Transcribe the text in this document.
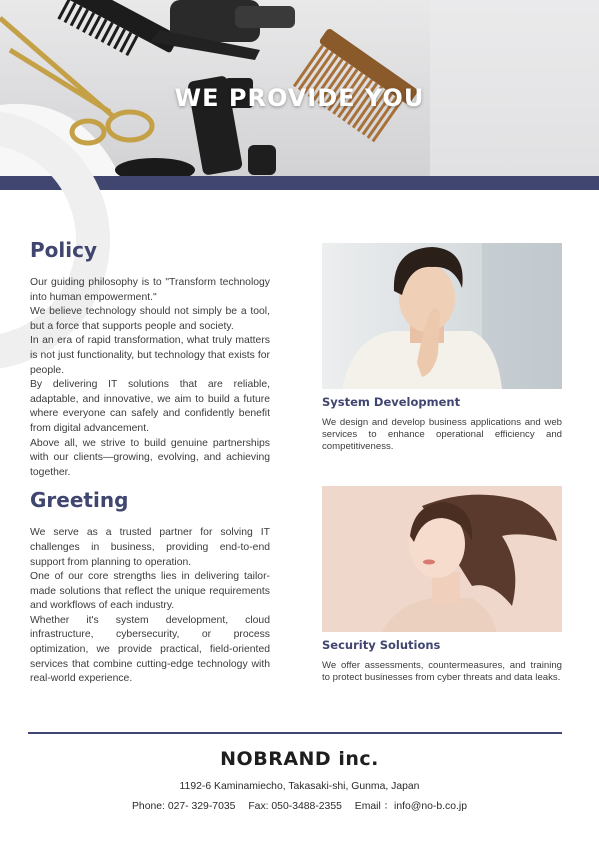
WE PROVIDE YOU
Policy

Our guiding philosophy is to "Transform technology into human empowerment."

We believe technology should not simply be a tool, but a force that supports people and society.

In an era of rapid transformation, what truly matters is not just functionality, but technology that exists for people.

By delivering IT solutions that are reliable, adaptable, and innovative, we aim to build a future where everyone can safely and confidently benefit from digital advancement.

Above all, we strive to build genuine partnerships with our clients—growing, evolving, and achieving together.

Greeting

We serve as a trusted partner for solving IT challenges in business, providing end-to-end support from planning to operation.

One of our core strengths lies in delivering tailor-made solutions that reflect the unique requirements and workflows of each industry.

Whether it's system development, cloud infrastructure, cybersecurity, or process optimization, we provide practical, field-oriented services that combine cutting-edge technology with real-world experience.

System Development
We design and develop business applications and web services to enhance operational efficiency and competitiveness.
Security Solutions
We offer assessments, countermeasures, and training to protect businesses from cyber threats and data leaks.
NOBRAND inc.
1192-6 Kaminamiecho, Takasaki-shi, Gunma, Japan
Phone: 027- 329-7035 Fax: 050-3488-2355 Email ：info@no-b.co.jp
